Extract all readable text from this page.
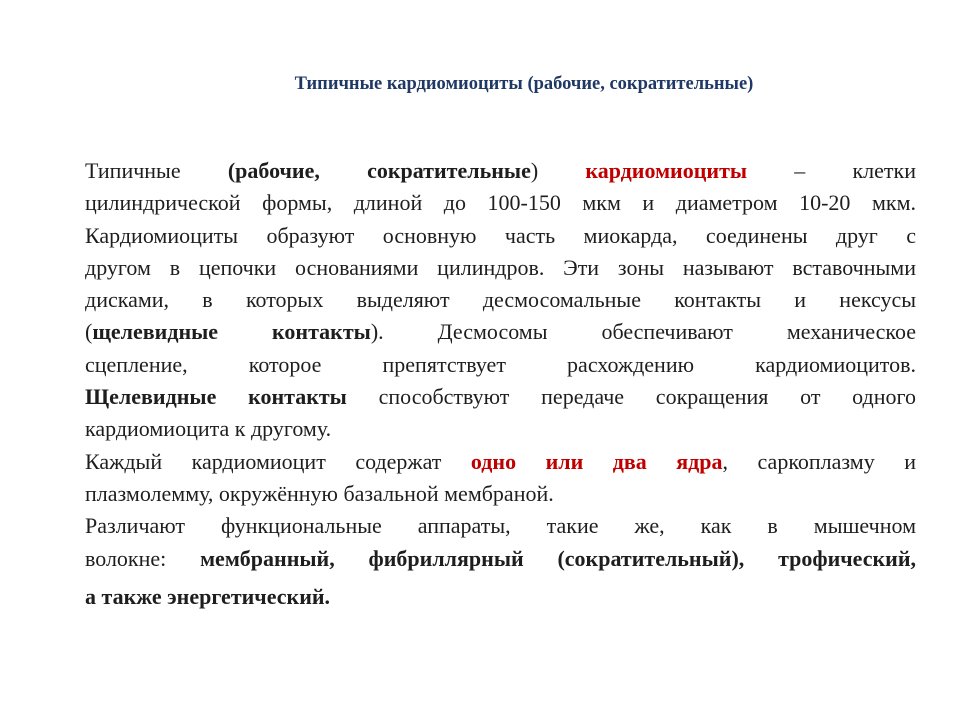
Типичные кардиомиоциты (рабочие, сократительные)
Типичные (рабочие, сократительные) кардиомиоциты – клетки
цилиндрической формы, длиной до 100-150 мкм и диаметром 10-20 мкм.
Кардиомиоциты образуют основную часть миокарда, соединены друг с
другом в цепочки основаниями цилиндров. Эти зоны называют вставочными
дисками, в которых выделяют десмосомальные контакты и нексусы
(щелевидные контакты). Десмосомы обеспечивают механическое
сцепление, которое препятствует расхождению кардиомиоцитов.
Щелевидные контакты способствуют передаче сокращения от одного
кардиомиоцита к другому.
Каждый кардиомиоцит содержат одно или два ядра, саркоплазму и
плазмолемму, окружённую базальной мембраной.
Различают функциональные аппараты, такие же, как в мышечном
волокне: мембранный, фибриллярный (сократительный), трофический,
а также энергетический.
